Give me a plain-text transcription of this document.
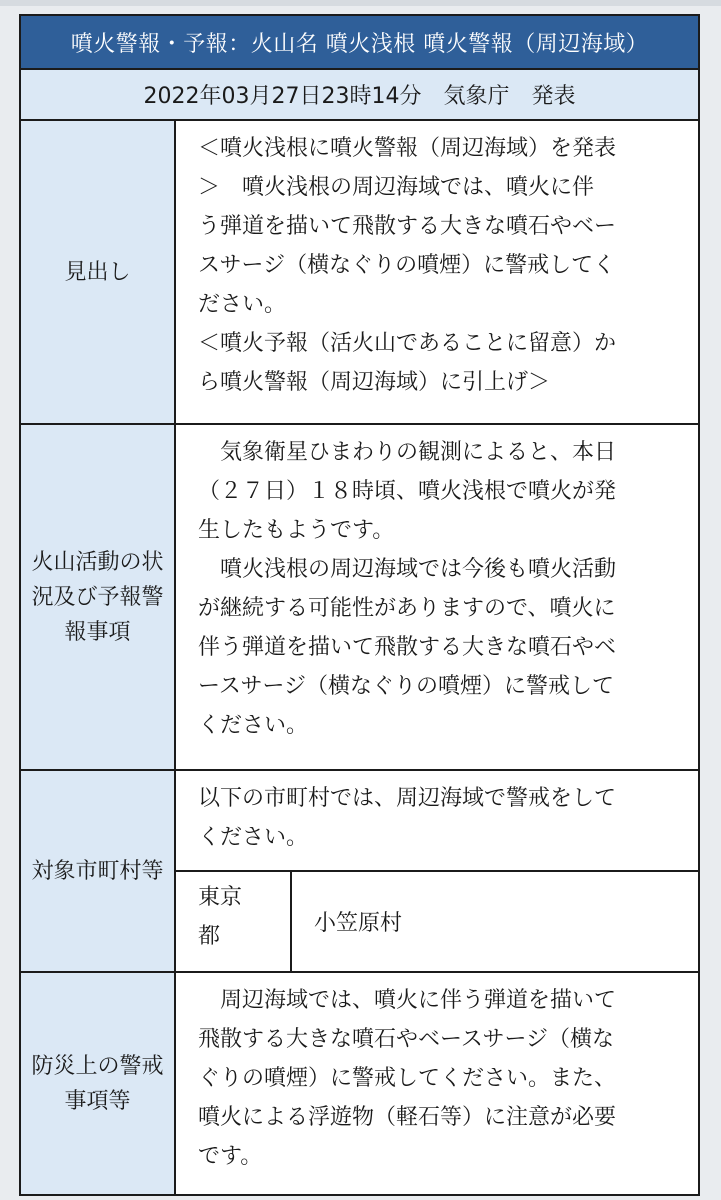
噴火警報・予報：火山名 噴火浅根 噴火警報（周辺海域）
2022年03月27日23時14分　気象庁　発表
見出し
＜噴火浅根に噴火警報（周辺海域）を発表
＞　噴火浅根の周辺海域では、噴火に伴
う弾道を描いて飛散する大きな噴石やベー
スサージ（横なぐりの噴煙）に警戒してく
ださい。
＜噴火予報（活火山であることに留意）か
ら噴火警報（周辺海域）に引上げ＞
火山活動の状況及び予報警報事項
　気象衛星ひまわりの観測によると、本日
（２７日）１８時頃、噴火浅根で噴火が発
生したもようです。
　噴火浅根の周辺海域では今後も噴火活動
が継続する可能性がありますので、噴火に
伴う弾道を描いて飛散する大きな噴石やベ
ースサージ（横なぐりの噴煙）に警戒して
ください。
対象市町村等
以下の市町村では、周辺海域で警戒をして
ください。
東京
都
小笠原村
防災上の警戒事項等
　周辺海域では、噴火に伴う弾道を描いて
飛散する大きな噴石やベースサージ（横な
ぐりの噴煙）に警戒してください。また、
噴火による浮遊物（軽石等）に注意が必要
です。
